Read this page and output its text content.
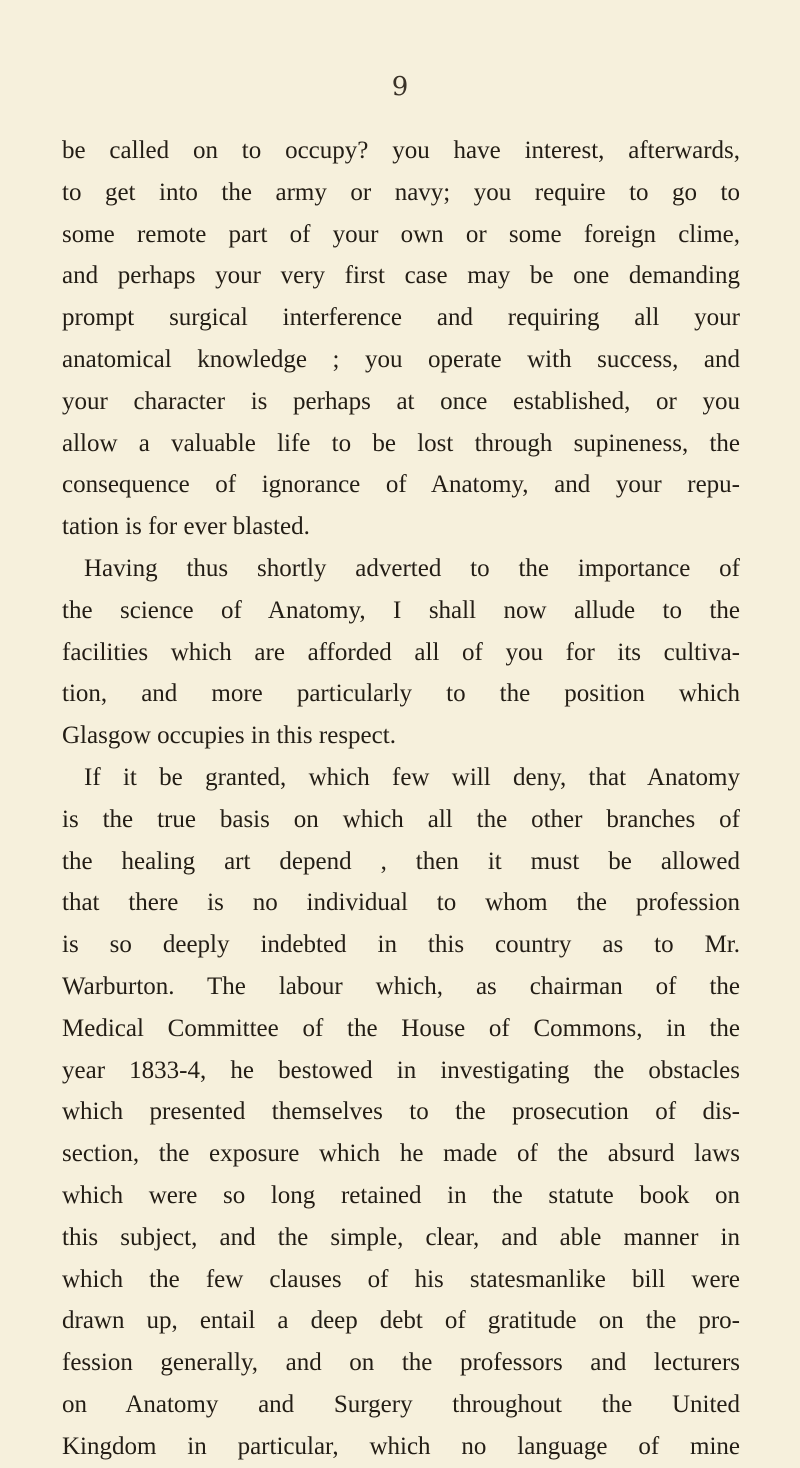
9
be called on to occupy? you have interest, afterwards,
to get into the army or navy; you require to go to
some remote part of your own or some foreign clime,
and perhaps your very first case may be one demanding
prompt surgical interference and requiring all your
anatomical knowledge ; you operate with success, and
your character is perhaps at once established, or you
allow a valuable life to be lost through supineness, the
consequence of ignorance of Anatomy, and your repu-
tation is for ever blasted.
Having thus shortly adverted to the importance of
the science of Anatomy, I shall now allude to the
facilities which are afforded all of you for its cultiva-
tion, and more particularly to the position which
Glasgow occupies in this respect.
If it be granted, which few will deny, that Anatomy
is the true basis on which all the other branches of
the healing art depend , then it must be allowed
that there is no individual to whom the profession
is so deeply indebted in this country as to Mr.
Warburton. The labour which, as chairman of the
Medical Committee of the House of Commons, in the
year 1833-4, he bestowed in investigating the obstacles
which presented themselves to the prosecution of dis-
section, the exposure which he made of the absurd laws
which were so long retained in the statute book on
this subject, and the simple, clear, and able manner in
which the few clauses of his statesmanlike bill were
drawn up, entail a deep debt of gratitude on the pro-
fession generally, and on the professors and lecturers
on Anatomy and Surgery throughout the United
Kingdom in particular, which no language of mine
